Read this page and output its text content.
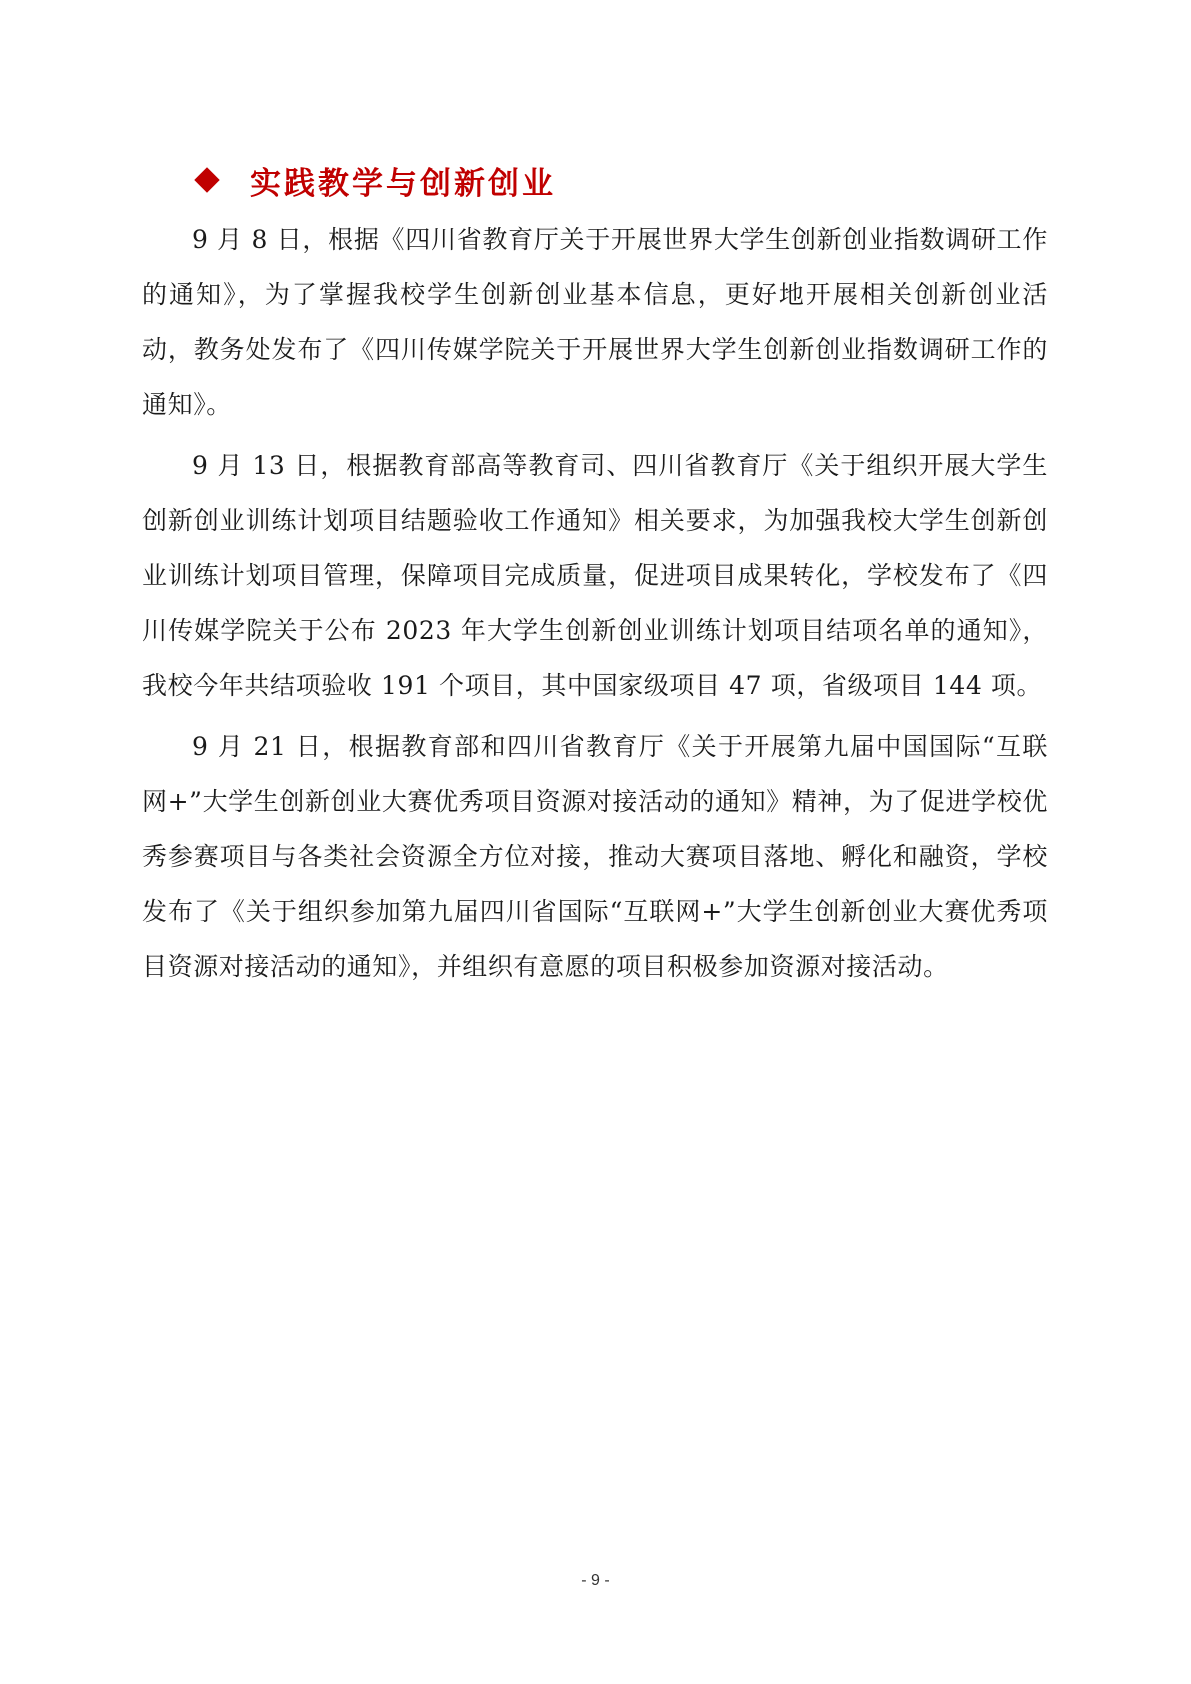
实践教学与创新创业

9 月 8 日，根据《四川省教育厅关于开展世界大学生创新创业指数调研工作的通知》，为了掌握我校学生创新创业基本信息，更好地开展相关创新创业活动，教务处发布了《四川传媒学院关于开展世界大学生创新创业指数调研工作的通知》。

9 月 13 日，根据教育部高等教育司、四川省教育厅《关于组织开展大学生创新创业训练计划项目结题验收工作通知》相关要求，为加强我校大学生创新创业训练计划项目管理，保障项目完成质量，促进项目成果转化，学校发布了《四川传媒学院关于公布 2023 年大学生创新创业训练计划项目结项名单的通知》，我校今年共结项验收 191 个项目，其中国家级项目 47 项，省级项目 144 项。

9 月 21 日，根据教育部和四川省教育厅《关于开展第九届中国国际“互联网+”大学生创新创业大赛优秀项目资源对接活动的通知》精神，为了促进学校优秀参赛项目与各类社会资源全方位对接，推动大赛项目落地、孵化和融资，学校发布了《关于组织参加第九届四川省国际“互联网+”大学生创新创业大赛优秀项目资源对接活动的通知》，并组织有意愿的项目积极参加资源对接活动。

- 9 -
